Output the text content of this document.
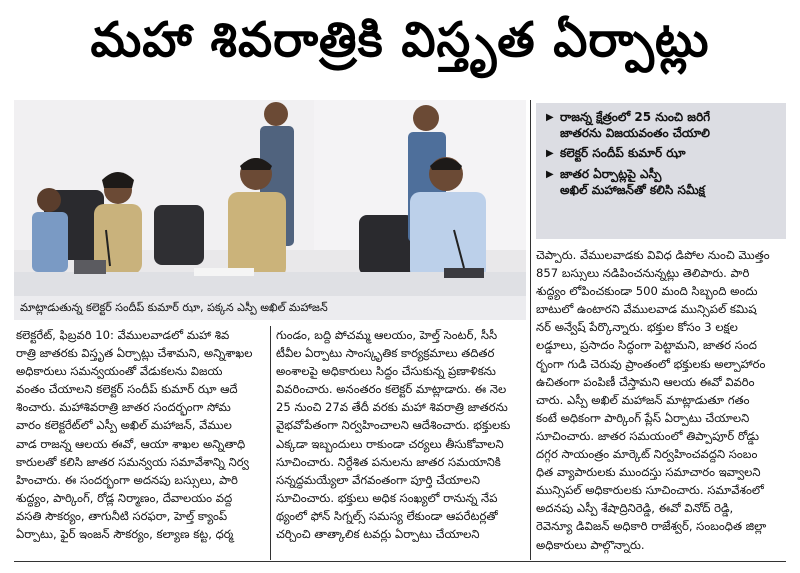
మహా శివరాత్రికి విస్తృత ఏర్పాట్లు
మాట్లాడుతున్న కలెక్టర్ సందీప్ కుమార్ ఝా, పక్కన ఎస్పీ అఖిల్ మహాజన్
▶ రాజన్న క్షేత్రంలో 25 నుంచి జరిగే
జాతరను విజయవంతం చేయాలి
▶ కలెక్టర్ సందీప్ కుమార్ ఝా
▶ జాతర ఏర్పాట్లపై ఎస్పీ
అఖిల్ మహాజన్‌తో కలిసి సమీక్ష
కలెక్టరేట్, ఫిబ్రవరి 10: వేములవాడలో మహా శివ
రాత్రి జాతరకు విస్తృత ఏర్పాట్లు చేశామని, అన్నిశాఖల
అధికారులు సమన్వయంతో వేడుకలను విజయ
వంతం చేయాలని కలెక్టర్ సందీప్ కుమార్ ఝా ఆదే
శించారు. మహాశివరాత్రి జాతర సందర్భంగా సోమ
వారం కలెక్టరేట్‌లో ఎస్పీ అఖిల్ మహాజన్, వేముల
వాడ రాజన్న ఆలయ ఈవో, ఆయా శాఖల అన్నితాధి
కారులతో కలిసి జాతర సమన్వయ సమావేశాన్ని నిర్వ
హించారు. ఈ సందర్భంగా అదనపు బస్సులు, పారి
శుద్ధ్యం, పార్కింగ్, రోడ్ల నిర్మాణం, దేవాలయం వద్ద
వసతి సౌకర్యం, తాగునీటి సరఫరా, హెల్త్ క్యాంప్
ఏర్పాటు, ఫైర్ ఇంజన్ సౌకర్యం, కల్యాణ కట్ట, ధర్మ
గుండం, బద్ది పోచమ్మ ఆలయం, హెల్త్ సెంటర్, సీసీ
టీవీల ఏర్పాటు సాంస్కృతిక కార్యక్రమాలు తదితర
అంశాలపై అధికారులు సిద్ధం చేసుకున్న ప్రణాళికను
వివరించారు. అనంతరం కలెక్టర్ మాట్లాడారు. ఈ నెల
25 నుంచి 27వ తేదీ వరకు మహా శివరాత్రి జాతరను
వైభవోపేతంగా నిర్వహించాలని ఆదేశించారు. భక్తులకు
ఎక్కడా ఇబ్బందులు రాకుండా చర్యలు తీసుకోవాలని
సూచించారు. నిర్దేశిత పనులను జాతర సమయానికి
సన్నద్ధమయ్యేలా వేగవంతంగా పూర్తి చేయాలని
సూచించారు. భక్తులు అధిక సంఖ్యలో రానున్న నేప
థ్యంలో ఫోన్ సిగ్నల్స్ సమస్య లేకుండా ఆపరేటర్లతో
చర్చించి తాత్కాలిక టవర్లు ఏర్పాటు చేయాలని
చెప్పారు. వేములవాడకు వివిధ డిపోల నుంచి మొత్తం
857 బస్సులు నడిపించనున్నట్లు తెలిపారు. పారి
శుద్ధ్యం లోపించకుండా 500 మంది సిబ్బంది అందు
బాటులో ఉంటారని వేములవాడ మున్సిపల్ కమిష
నర్ అన్వేష్ పేర్కొన్నారు. భక్తుల కోసం 3 లక్షల
లడ్డూలు, ప్రసాదం సిద్ధంగా పెట్టామని, జాతర సంద
ర్భంగా గుడి చెరువు ప్రాంతంలో భక్తులకు అల్పాహారం
ఉచితంగా పంపిణీ చేస్తామని ఆలయ ఈవో వివరిం
చారు. ఎస్పీ అఖిల్ మహాజన్ మాట్లాడుతూ గతం
కంటే అధికంగా పార్కింగ్ ప్లేస్ ఏర్పాటు చేయాలని
సూచించారు. జాతర సమయంలో తిప్పాపూర్ రోడ్డు
దగ్గర సాయంత్రం మార్కెట్ నిర్వహించవద్దని సంబం
ధిత వ్యాపారులకు ముందస్తు సమాచారం ఇవ్వాలని
మున్సిపల్ అధికారులకు సూచించారు. సమావేశంలో
అదనపు ఎస్పీ శేషాద్రినిరెడ్డి, ఈవో వినోద్ రెడ్డి,
రెవెన్యూ డివిజన్ అధికారి రాజేశ్వర్, సంబంధిత జిల్లా
అధికారులు పాల్గొన్నారు.
